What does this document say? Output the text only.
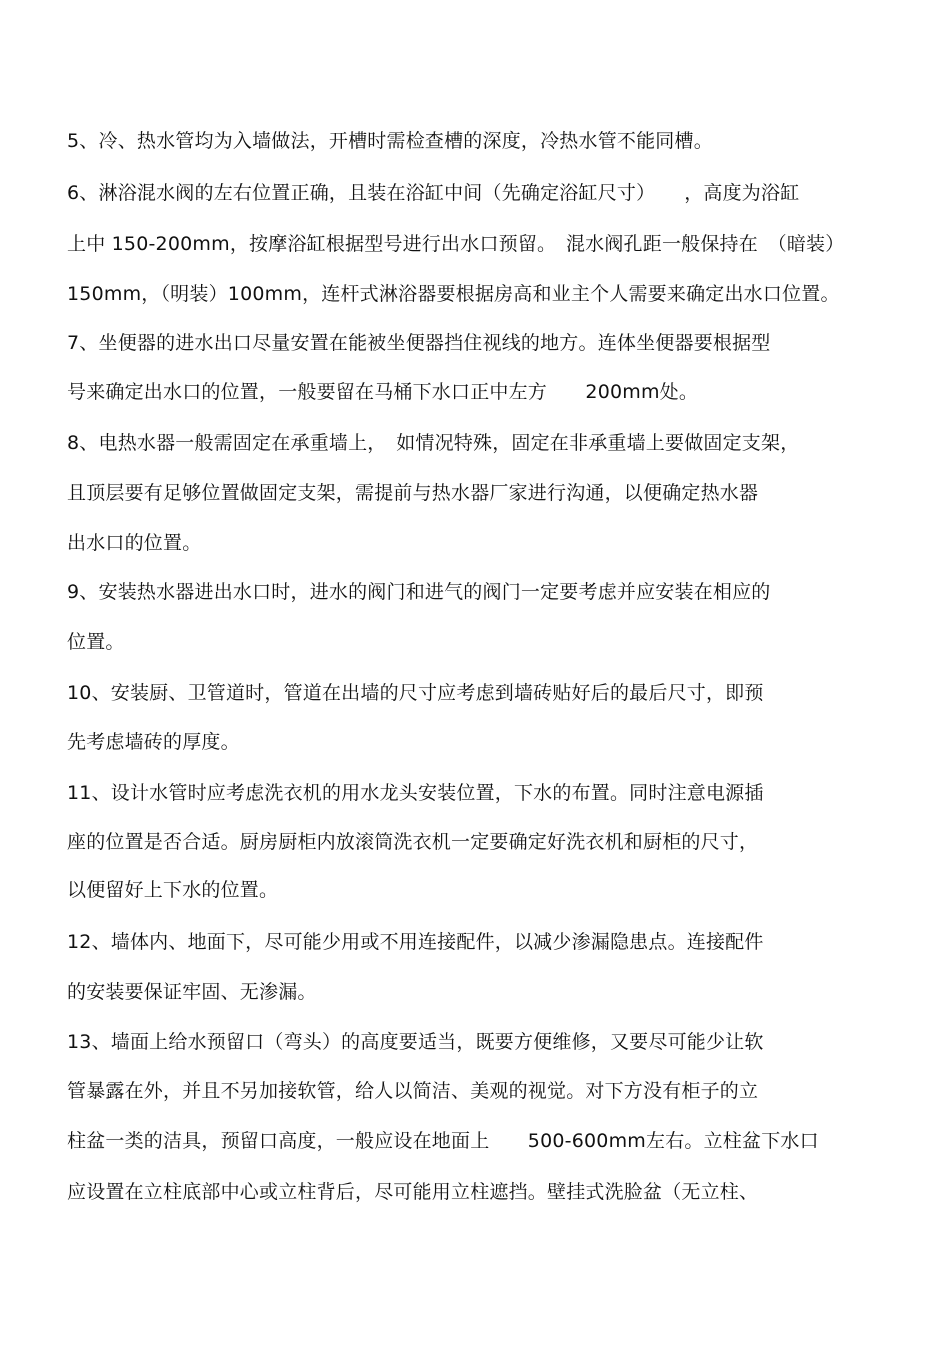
5、冷、热水管均为入墙做法，开槽时需检查槽的深度，冷热水管不能同槽。
6、淋浴混水阀的左右位置正确，且装在浴缸中间（先确定浴缸尺寸）　　，高度为浴缸
上中 150-200mm，按摩浴缸根据型号进行出水口预留。　混水阀孔距一般保持在　（暗装）
150mm，（明装）100mm，连杆式淋浴器要根据房高和业主个人需要来确定出水口位置。
7、坐便器的进水出口尽量安置在能被坐便器挡住视线的地方。连体坐便器要根据型
号来确定出水口的位置，一般要留在马桶下水口正中左方　　200mm处。
8、电热水器一般需固定在承重墙上，　如情况特殊，固定在非承重墙上要做固定支架，
且顶层要有足够位置做固定支架，需提前与热水器厂家进行沟通，以便确定热水器
出水口的位置。
9、安装热水器进出水口时，进水的阀门和进气的阀门一定要考虑并应安装在相应的
位置。
10、安装厨、卫管道时，管道在出墙的尺寸应考虑到墙砖贴好后的最后尺寸，即预
先考虑墙砖的厚度。
11、设计水管时应考虑洗衣机的用水龙头安装位置，下水的布置。同时注意电源插
座的位置是否合适。厨房厨柜内放滚筒洗衣机一定要确定好洗衣机和厨柜的尺寸，
以便留好上下水的位置。
12、墙体内、地面下，尽可能少用或不用连接配件，以减少渗漏隐患点。连接配件
的安装要保证牢固、无渗漏。
13、墙面上给水预留口（弯头）的高度要适当，既要方便维修，又要尽可能少让软
管暴露在外，并且不另加接软管，给人以简洁、美观的视觉。对下方没有柜子的立
柱盆一类的洁具，预留口高度，一般应设在地面上　　500-600mm左右。立柱盆下水口
应设置在立柱底部中心或立柱背后，尽可能用立柱遮挡。壁挂式洗脸盆（无立柱、
